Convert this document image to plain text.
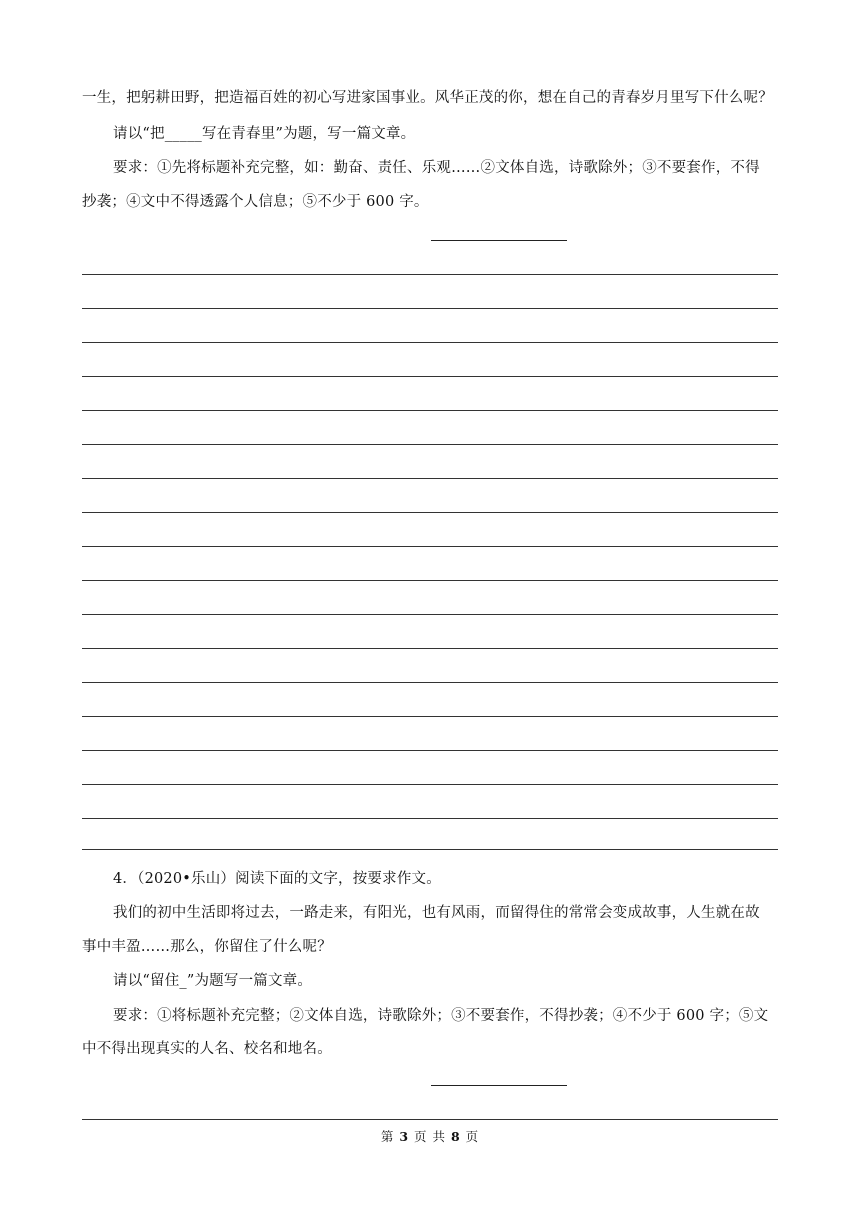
一生，把躬耕田野，把造福百姓的初心写进家国事业。风华正茂的你，想在自己的青春岁月里写下什么呢？
请以“把_____写在青春里”为题，写一篇文章。
要求：①先将标题补充完整，如：勤奋、责任、乐观……②文体自选，诗歌除外；③不要套作，不得
抄袭；④文中不得透露个人信息；⑤不少于 600 字。
4．（2020•乐山）阅读下面的文字，按要求作文。
我们的初中生活即将过去，一路走来，有阳光，也有风雨，而留得住的常常会变成故事，人生就在故
事中丰盈……那么，你留住了什么呢？
请以“留住_”为题写一篇文章。
要求：①将标题补充完整；②文体自选，诗歌除外；③不要套作，不得抄袭；④不少于 600 字；⑤文
中不得出现真实的人名、校名和地名。
第 3 页 共 8 页
